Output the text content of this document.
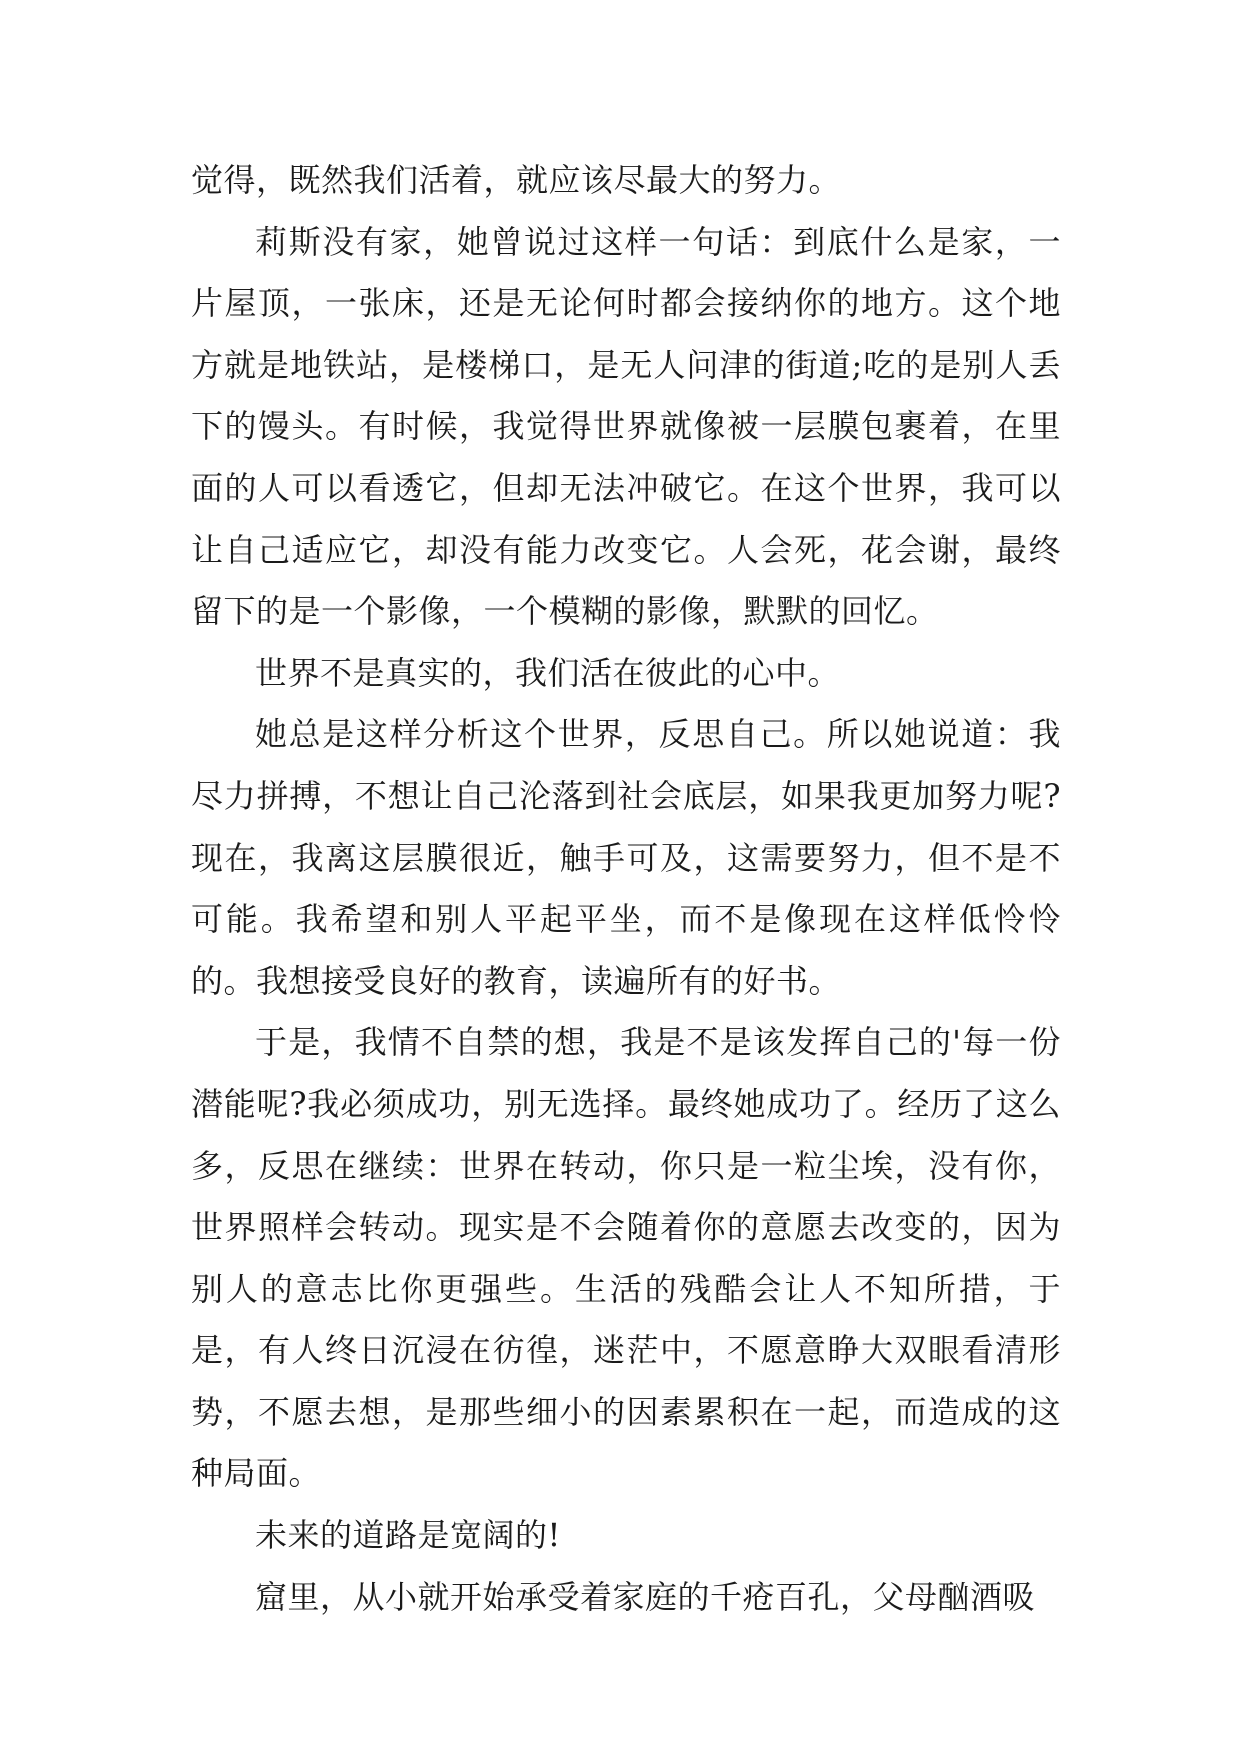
觉得，既然我们活着，就应该尽最大的努力。

莉斯没有家，她曾说过这样一句话：到底什么是家，一片屋顶，一张床，还是无论何时都会接纳你的地方。这个地方就是地铁站，是楼梯口，是无人问津的街道;吃的是别人丢下的馒头。有时候，我觉得世界就像被一层膜包裹着，在里面的人可以看透它，但却无法冲破它。在这个世界，我可以让自己适应它，却没有能力改变它。人会死，花会谢，最终留下的是一个影像，一个模糊的影像，默默的回忆。

世界不是真实的，我们活在彼此的心中。

她总是这样分析这个世界，反思自己。所以她说道：我尽力拼搏，不想让自己沦落到社会底层，如果我更加努力呢?现在，我离这层膜很近，触手可及，这需要努力，但不是不可能。我希望和别人平起平坐，而不是像现在这样低怜怜的。我想接受良好的教育，读遍所有的好书。

于是，我情不自禁的想，我是不是该发挥自己的'每一份潜能呢?我必须成功，别无选择。最终她成功了。经历了这么多，反思在继续：世界在转动，你只是一粒尘埃，没有你，世界照样会转动。现实是不会随着你的意愿去改变的，因为别人的意志比你更强些。生活的残酷会让人不知所措，于是，有人终日沉浸在彷徨，迷茫中，不愿意睁大双眼看清形势，不愿去想，是那些细小的因素累积在一起，而造成的这种局面。

未来的道路是宽阔的!

窟里，从小就开始承受着家庭的千疮百孔，父母酗酒吸
